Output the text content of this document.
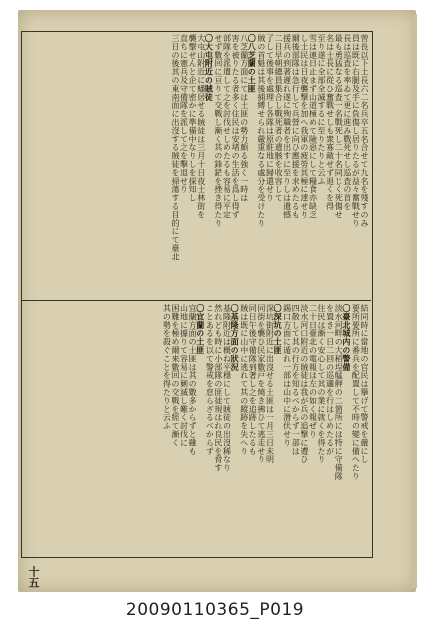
曾長以下土長六二名兵卒五名合せて九名を殘すのみ
員は既に右腿及手に負傷し居りたるが益々奮戰せり
長は巡査を率ゐて更に進み戰死せし巡査の首を
最も勇猛なる巡査一名戰死し二十名同じく死傷せ
名は士長に從ひ奮戰せしも衆寡敵せず退くを得
至り遂に全部全滅するに至りたりと云ふ
雪は連日止まず山道極めて險惡にして糧食亦缺乏
し土民は日夜襲撃を加へ我軍の疲勞其極に達せり
爾後部隊は急行して兵營に向ひ應援を求めたるも
援兵の到著遲れ遂に殉職者を出すに至りしは遺憾
二日早朝總員集合し戰死者の遺骸を收容して
了して後事を處理し各隊は原駐地に歸還せり
賊の首魁は其後捕縛せられ嚴重なる處分を受けたり
〇八芝蘭の土匪
八芝蘭方面にては土匪の勢力頗る強く一時は
害を被りたる者多く住民は安堵の生活を爲し得ず
部隊を派遣して之を討伐せしめたるも容易に平定
せず數回に亘りて交戰し漸く其の鋒鋩を挫き得たり
〇大屯附近の賊徒
大屯山附近に蟠居せる賊徒は三月十日夜士林街を
襲撃せんと企て密かに準備中なりしを探知し
直ちに憲兵及守備隊を派して之を擊退せり
三日の後其の東南面に出沒する賊徒を掃蕩する目的にて臺北
結同時に當地の官民は擧げて警戒を嚴にし
要所要所に番兵を配置して不時の變に備へたり
〇臺北城内の警備
淡水河畔の大稻埕艋舺の二箇所には特に守備隊
を置き一日二回の巡邏を行はしめたるが
住民は漸く安心して其の業に就くを得たり
二十日臺北の電報は左の如く報ぜり
淡水河口附近の賊徒は我が兵の追撃に遭ひ
四散して其の行方を知るべからず一部は
錫口方面に遁れ一部は山中に潛伏せり
〇深坑の土匪
深坑街附近に出沒せる土匪は一月三日未明
同街を襲ひ民家數戸を燒き拂ひて逃走せり
同日午後守備隊到著し之を追跡したるも
賊は既に山中に逃れて其の蹤跡を失へり
〇基隆方面の狀況
基隆附近は概ね平穩にして賊徒の出沒稀なり
然れども時に小部隊の匪徒現はれ良民を脅す
ことあるを以て警戒を怠らざるべからず
〇宜蘭の土匪
宜蘭方面の土匪は其の數多からずと雖も
山地に據りて容易に剿滅し難く討伐に
困難を極め爾來數回の交戰を經て漸く
其の勢を殺ぐことを得たりと云ふ
十五
20090110365_P019
